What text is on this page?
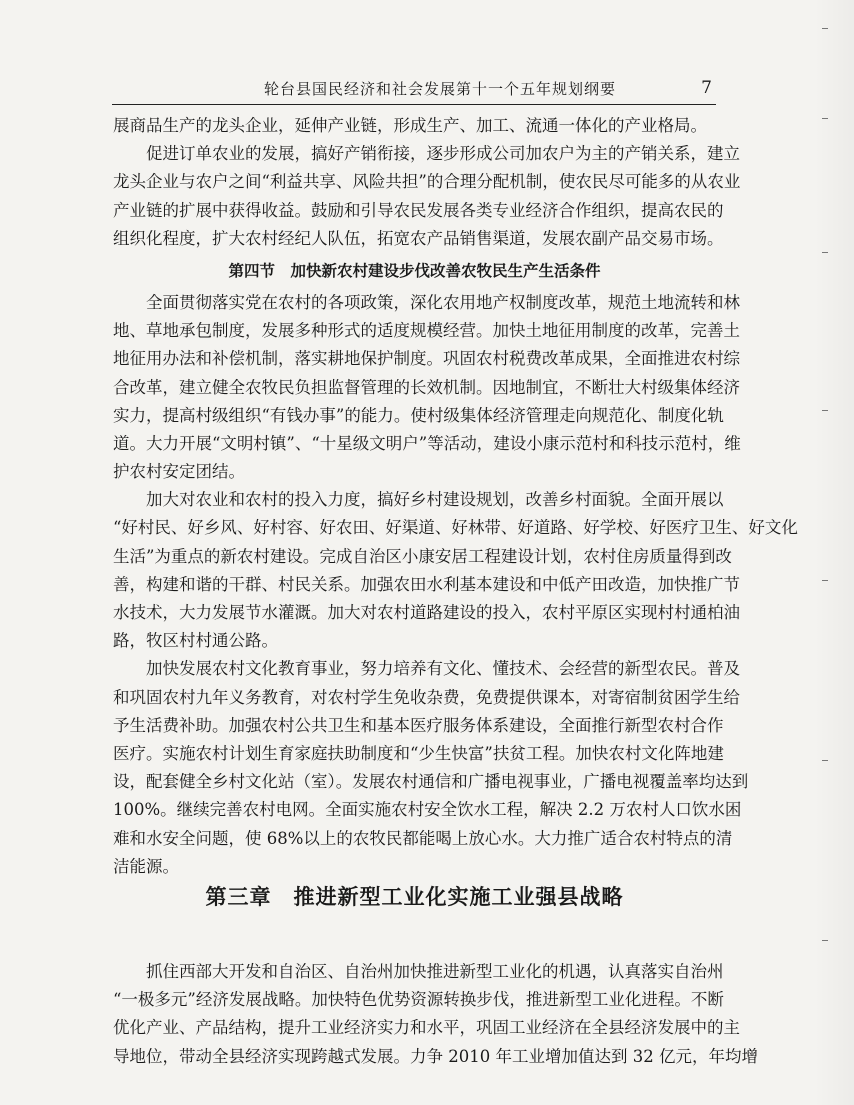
轮台县国民经济和社会发展第十一个五年规划纲要	7
展商品生产的龙头企业，延伸产业链，形成生产、加工、流通一体化的产业格局。
促进订单农业的发展，搞好产销衔接，逐步形成公司加农户为主的产销关系，建立
龙头企业与农户之间“利益共享、风险共担”的合理分配机制，使农民尽可能多的从农业
产业链的扩展中获得收益。鼓励和引导农民发展各类专业经济合作组织，提高农民的
组织化程度，扩大农村经纪人队伍，拓宽农产品销售渠道，发展农副产品交易市场。
第四节　加快新农村建设步伐改善农牧民生产生活条件
全面贯彻落实党在农村的各项政策，深化农用地产权制度改革，规范土地流转和林
地、草地承包制度，发展多种形式的适度规模经营。加快土地征用制度的改革，完善土
地征用办法和补偿机制，落实耕地保护制度。巩固农村税费改革成果，全面推进农村综
合改革，建立健全农牧民负担监督管理的长效机制。因地制宜，不断壮大村级集体经济
实力，提高村级组织“有钱办事”的能力。使村级集体经济管理走向规范化、制度化轨
道。大力开展“文明村镇”、“十星级文明户”等活动，建设小康示范村和科技示范村，维
护农村安定团结。
加大对农业和农村的投入力度，搞好乡村建设规划，改善乡村面貌。全面开展以
“好村民、好乡风、好村容、好农田、好渠道、好林带、好道路、好学校、好医疗卫生、好文化
生活”为重点的新农村建设。完成自治区小康安居工程建设计划，农村住房质量得到改
善，构建和谐的干群、村民关系。加强农田水利基本建设和中低产田改造，加快推广节
水技术，大力发展节水灌溉。加大对农村道路建设的投入，农村平原区实现村村通柏油
路，牧区村村通公路。
加快发展农村文化教育事业，努力培养有文化、懂技术、会经营的新型农民。普及
和巩固农村九年义务教育，对农村学生免收杂费，免费提供课本，对寄宿制贫困学生给
予生活费补助。加强农村公共卫生和基本医疗服务体系建设，全面推行新型农村合作
医疗。实施农村计划生育家庭扶助制度和“少生快富”扶贫工程。加快农村文化阵地建
设，配套健全乡村文化站（室）。发展农村通信和广播电视事业，广播电视覆盖率均达到
100%。继续完善农村电网。全面实施农村安全饮水工程，解决 2.2 万农村人口饮水困
难和水安全问题，使 68%以上的农牧民都能喝上放心水。大力推广适合农村特点的清
洁能源。
第三章　推进新型工业化实施工业强县战略
抓住西部大开发和自治区、自治州加快推进新型工业化的机遇，认真落实自治州
“一极多元”经济发展战略。加快特色优势资源转换步伐，推进新型工业化进程。不断
优化产业、产品结构，提升工业经济实力和水平，巩固工业经济在全县经济发展中的主
导地位，带动全县经济实现跨越式发展。力争 2010 年工业增加值达到 32 亿元，年均增
